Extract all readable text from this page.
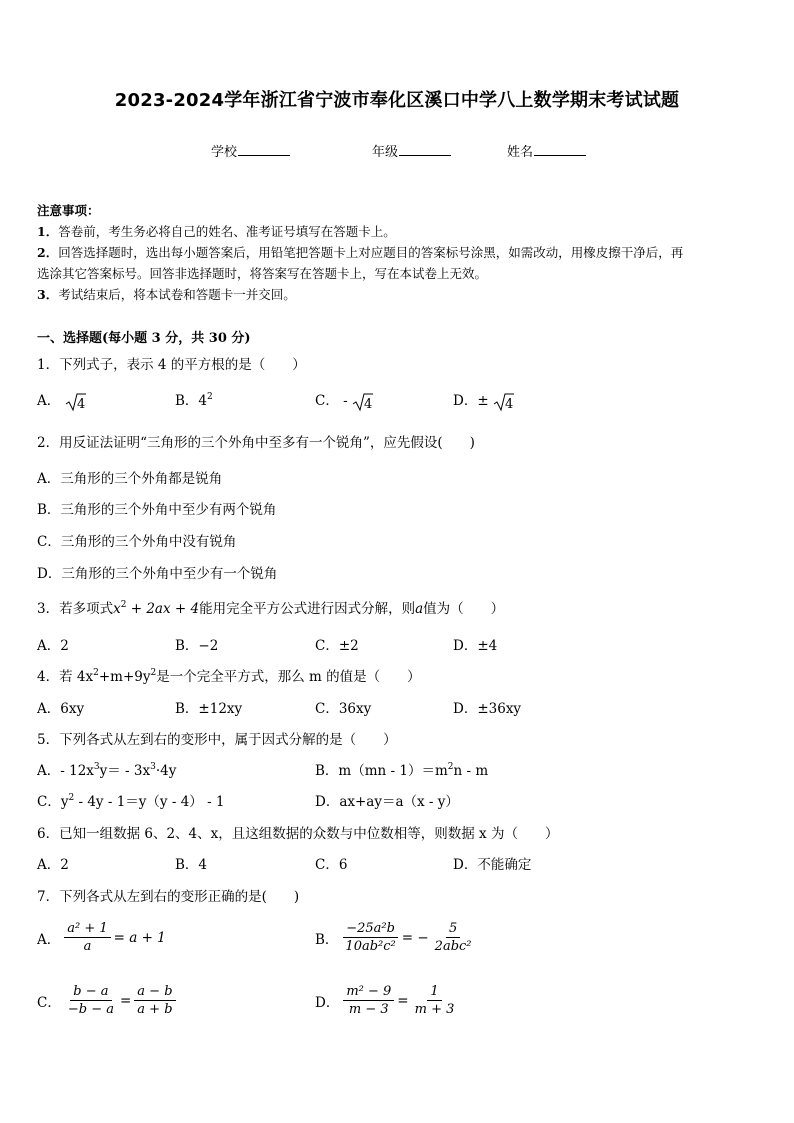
2023-2024学年浙江省宁波市奉化区溪口中学八上数学期末考试试题
学校	年级	姓名
注意事项：
1．答卷前，考生务必将自己的姓名、准考证号填写在答题卡上。
2．回答选择题时，选出每小题答案后，用铅笔把答题卡上对应题目的答案标号涂黑，如需改动，用橡皮擦干净后，再
选涂其它答案标号。回答非选择题时，将答案写在答题卡上，写在本试卷上无效。
3．考试结束后，将本试卷和答题卡一并交回。
一、选择题(每小题 3 分，共 30 分)
1．下列式子，表示 4 的平方根的是（　　）
A． 4	B．$4^2$	C． - 4	D．± 4
2．用反证法证明“三角形的三个外角中至多有一个锐角”，应先假设(　　)
A．三角形的三个外角都是锐角
B．三角形的三个外角中至少有两个锐角
C．三角形的三个外角中没有锐角
D．三角形的三个外角中至少有一个锐角
3．若多项式$x^2 + 2ax + 4$能用完全平方公式进行因式分解，则a值为（　　）
A．2	B．−2	C．±2	D．±4
4．若 $4x^2+m+9y^2$是一个完全平方式，那么 m 的值是（　　）
A．6xy	B．±12xy	C．36xy	D．±36xy
5．下列各式从左到右的变形中，属于因式分解的是（　　）
A．- $12x^3y= - 3x^3\cdot 4y$	B．$m(mn - 1)=m^2n - m$
C．$y^2 - 4y - 1=y(y - 4) - 1$	D．ax+ay＝a（x - y）
6．已知一组数据 6、2、4、x，且这组数据的众数与中位数相等，则数据 x 为（　　）
A．2	B．4	C．6	D．不能确定
7．下列各式从左到右的变形正确的是(　　)
A． $\frac{\text{a² + 1}}{a} = a + 1$	B． $\frac{\text{−25a²b}}{\text{10ab²c²}}$ = − $\frac{5}{\text{2abc²}}$
C． $\frac{b - a}{-b - a} = \frac{a - b}{a + b}$	D． $\frac{\text{m² − 9}}{m - 3} = \frac{1}{m + 3}$
